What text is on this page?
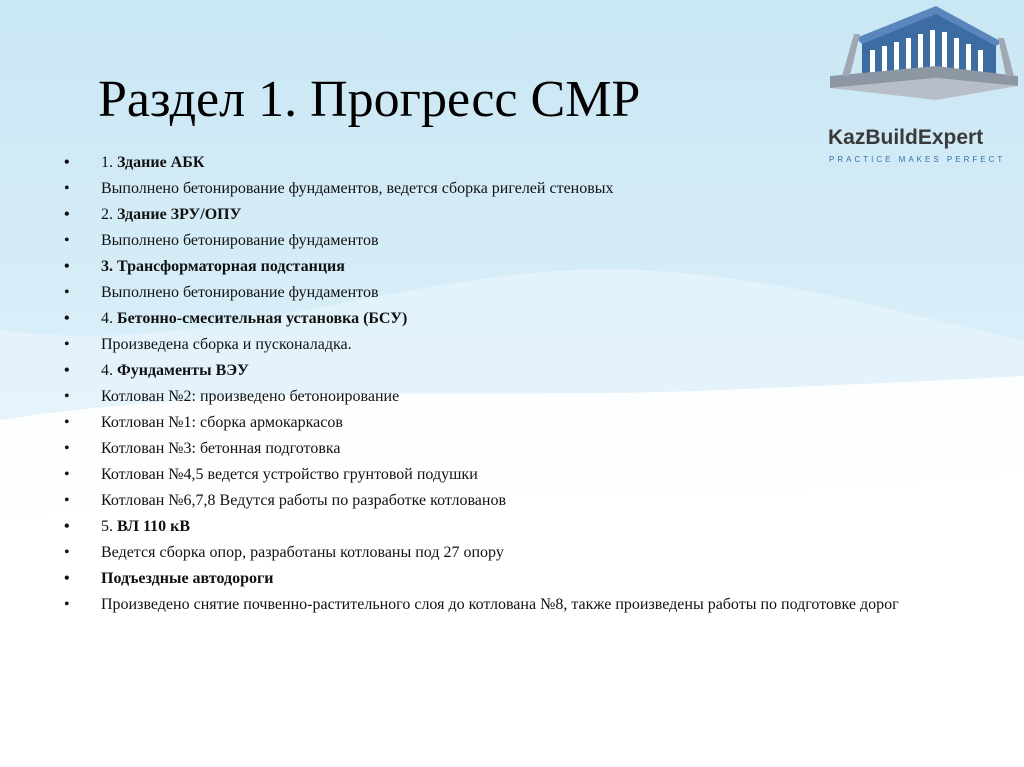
Раздел 1. Прогресс СМР
KazBuildExpert
PRACTICE MAKES PERFECT
• 1. Здание АБК
• Выполнено бетонирование фундаментов, ведется сборка ригелей стеновых
• 2. Здание ЗРУ/ОПУ
• Выполнено бетонирование фундаментов
• 3. Трансформаторная подстанция
• Выполнено бетонирование фундаментов
• 4. Бетонно-смесительная установка (БСУ)
• Произведена сборка и пусконаладка.
• 4. Фундаменты ВЭУ
• Котлован №2: произведено бетоноирование
• Котлован №1: сборка армокаркасов
• Котлован №3: бетонная подготовка
• Котлован №4,5 ведется устройство грунтовой подушки
• Котлован №6,7,8 Ведутся работы по разработке котлованов
• 5. ВЛ 110 кВ
• Ведется сборка опор, разработаны котлованы под 27 опору
• Подъездные автодороги
• Произведено снятие почвенно-растительного слоя до котлована №8, также произведены работы по подготовке дорог
